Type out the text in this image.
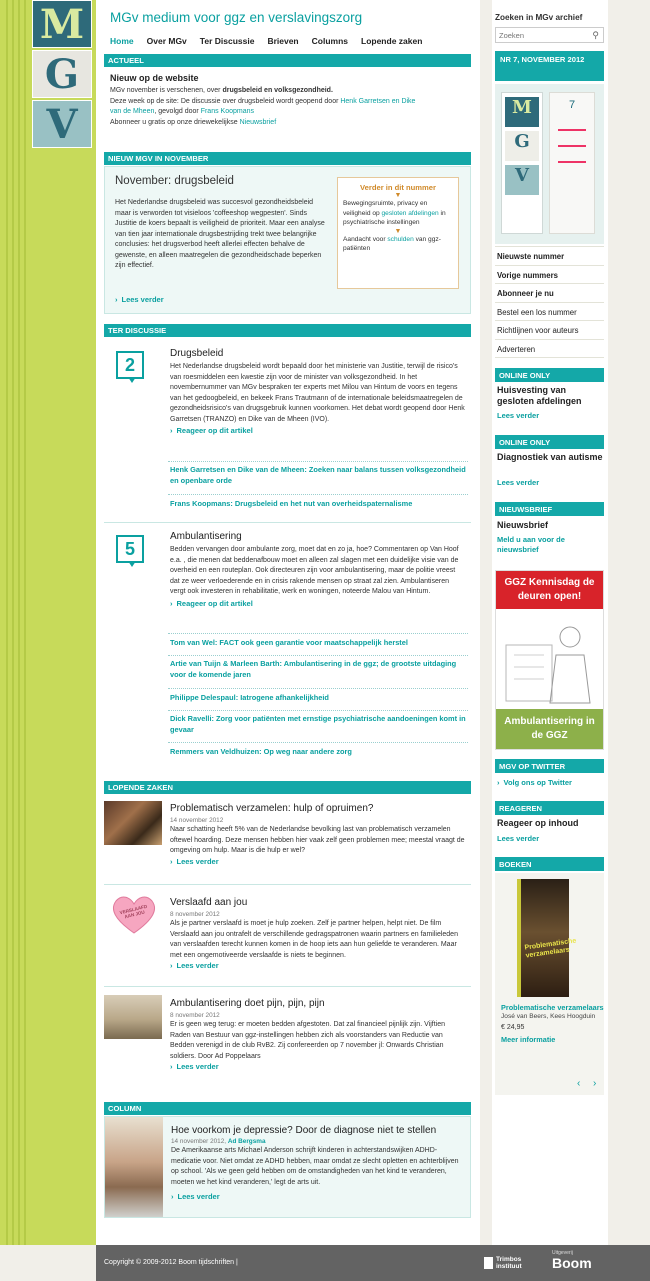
M
G
V
MGv medium voor ggz en verslavingszorg
Home Over MGv Ter Discussie Brieven Columns Lopende zaken
ACTUEEL
Nieuw op de website
MGv november is verschenen, over drugsbeleid en volksgezondheid.
Deze week op de site: De discussie over drugsbeleid wordt geopend door Henk Garretsen en Dike
van de Mheen, gevolgd door Frans Koopmans
Abonneer u gratis op onze driewekelijkse Nieuwsbrief
NIEUW MGV IN NOVEMBER
November: drugsbeleid
Het Nederlandse drugsbeleid was succesvol gezondheidsbeleid maar is verworden tot visieloos 'coffeeshop wegpesten'. Sinds Justitie de koers bepaalt is veiligheid de prioriteit. Maar een analyse van tien jaar internationale drugsbestrijding trekt twee belangrijke conclusies: het drugsverbod heeft allerlei effecten behalve de gewenste, en alleen maatregelen die gezondheidschade beperken zijn effectief.
› Lees verder
Verder in dit nummer
▼
Bewegingsruimte, privacy en veiligheid op gesloten afdelingen in psychiatrische instellingen
▼
Aandacht voor schulden van ggz-patiënten
TER DISCUSSIE
2
Drugsbeleid
Het Nederlandse drugsbeleid wordt bepaald door het ministerie van Justitie, terwijl de risico's van roesmiddelen een kwestie zijn voor de minister van volksgezondheid. In het novembernummer van MGv bespraken ter experts met Milou van Hintum de voors en tegens van het gedoogbeleid, en bekeek Frans Trautmann of de internationale beleidsmaatregelen de gezondheidsrisico's van drugsgebruik kunnen voorkomen. Het debat wordt geopend door Henk Garretsen (TRANZO) en Dike van de Mheen (IVO).
› Reageer op dit artikel
Henk Garretsen en Dike van de Mheen: Zoeken naar balans tussen volksgezondheid en openbare orde
Frans Koopmans: Drugsbeleid en het nut van overheidspaternalisme
5
Ambulantisering
Bedden vervangen door ambulante zorg, moet dat en zo ja, hoe? Commentaren op Van Hoof e.a. , die menen dat beddenafbouw moet en alleen zal slagen met een duidelijke visie van de overheid en een routeplan. Ook directeuren zijn voor ambulantisering, maar de politie vreest dat ze weer verloederende en in crisis rakende mensen op straat zal zien. Ambulantiseren vergt ook investeren in rehabilitatie, werk en woningen, noteerde Malou van Hintum.
› Reageer op dit artikel
Tom van Wel: FACT ook geen garantie voor maatschappelijk herstel
Artie van Tuijn & Marleen Barth: Ambulantisering in de ggz; de grootste uitdaging voor de komende jaren
Philippe Delespaul: Iatrogene afhankelijkheid
Dick Ravelli: Zorg voor patiënten met ernstige psychiatrische aandoeningen komt in gevaar
Remmers van Veldhuizen: Op weg naar andere zorg
LOPENDE ZAKEN
Problematisch verzamelen: hulp of opruimen?
14 november 2012
Naar schatting heeft 5% van de Nederlandse bevolking last van problematisch verzamelen oftewel hoarding. Deze mensen hebben hier vaak zelf geen problemen mee; meestal vraagt de omgeving om hulp. Maar is die hulp er wel?
› Lees verder
VERSLAAFD AAN JOU
Verslaafd aan jou
8 november 2012
Als je partner verslaafd is moet je hulp zoeken. Zelf je partner helpen, helpt niet. De film Verslaafd aan jou ontrafelt de verschillende gedragspatronen waarin partners en familieleden van verslaafden terecht kunnen komen in de hoop iets aan hun geliefde te veranderen. Maar met een ongemotiveerde verslaafde is niets te beginnen.
› Lees verder
Ambulantisering doet pijn, pijn, pijn
8 november 2012
Er is geen weg terug: er moeten bedden afgestoten. Dat zal financieel pijnlijk zijn. Vijftien Raden van Bestuur van ggz-instellingen hebben zich als voorstanders van Reductie van Bedden verenigd in de club RvB2. Zij confereerden op 7 november jl: Onwards Christian soldiers. Door Ad Poppelaars
› Lees verder
COLUMN
Hoe voorkom je depressie? Door de diagnose niet te stellen
14 november 2012, Ad Bergsma
De Amerikaanse arts Michael Anderson schrijft kinderen in achterstandswijken ADHD-medicatie voor. Niet omdat ze ADHD hebben, maar omdat ze slecht opletten en achterblijven op school. 'Als we geen geld hebben om de omstandigheden van het kind te veranderen, moeten we het kind veranderen,' legt de arts uit.
› Lees verder
Zoeken in MGv archief
Zoeken
⚲
NR 7, NOVEMBER 2012
M
G
V
7
Nieuwste nummer
Vorige nummers
Abonneer je nu
Bestel een los nummer
Richtlijnen voor auteurs
Adverteren
ONLINE ONLY
Huisvesting van gesloten afdelingen
Lees verder
ONLINE ONLY
Diagnostiek van autisme
Lees verder
NIEUWSBRIEF
Nieuwsbrief
Meld u aan voor de nieuwsbrief
GGZ Kennisdag de deuren open!
Ambulantisering in de GGZ
MGV OP TWITTER
› Volg ons op Twitter
REAGEREN
Reageer op inhoud
Lees verder
BOEKEN
Problematische verzamelaars
Problematische verzamelaars
José van Beers, Kees Hoogduin
€ 24,95
Meer informatie
‹ ›
Copyright © 2009-2012 Boom tijdschriften |	Trimbos instituut
Uitgeverij
Boom
